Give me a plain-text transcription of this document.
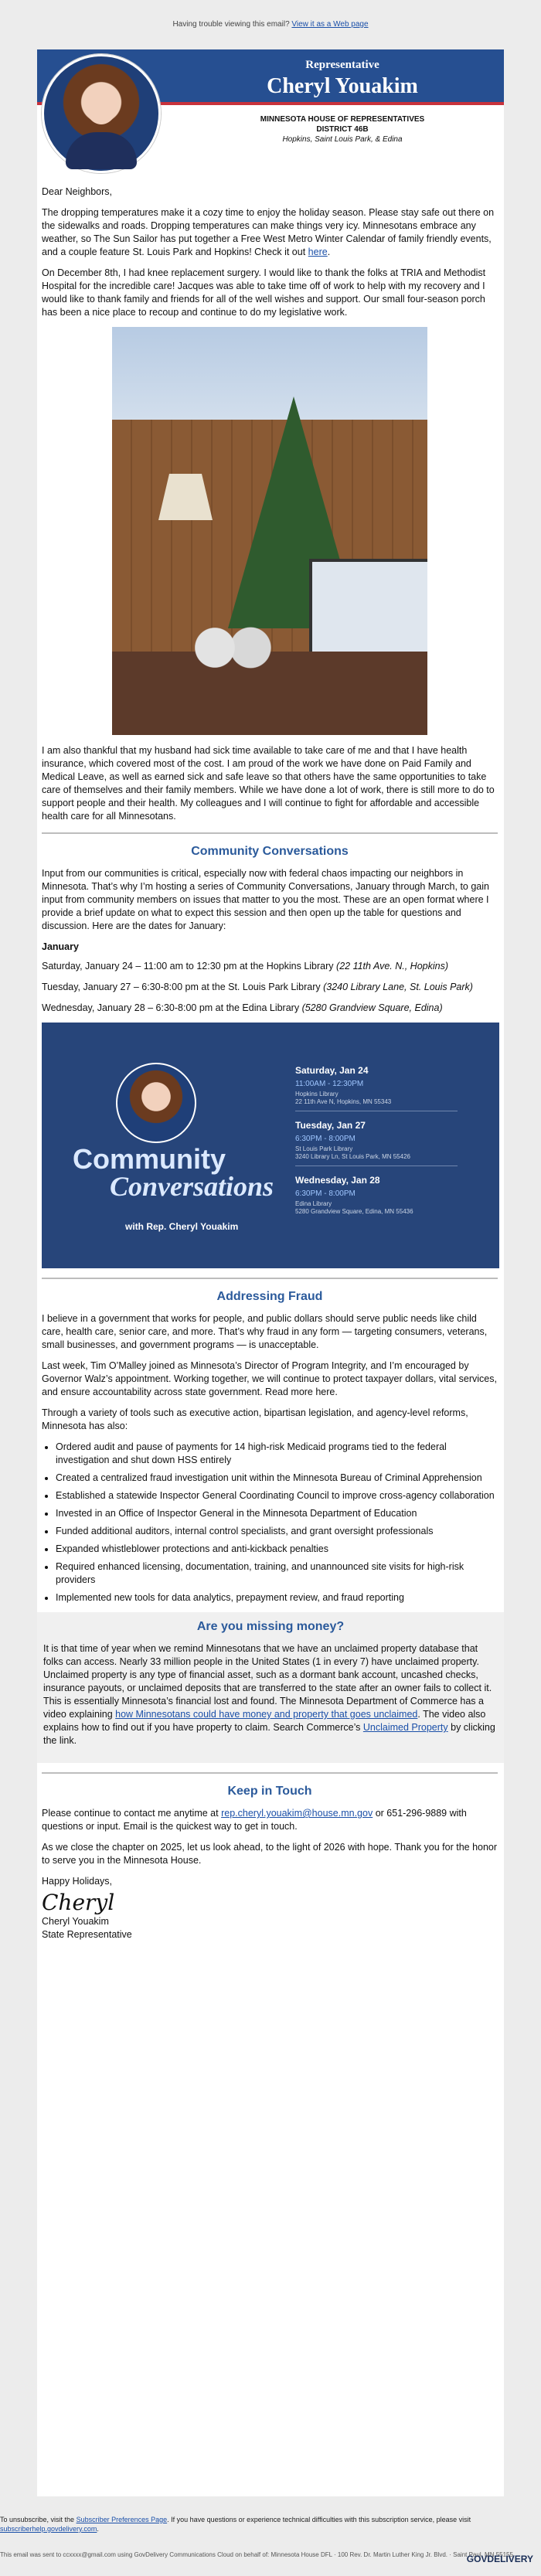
Having trouble viewing this email? View it as a Web page
Representative
Cheryl Youakim
MINNESOTA HOUSE OF REPRESENTATIVES
DISTRICT 46B
Hopkins, Saint Louis Park, & Edina

Dear Neighbors,

The dropping temperatures make it a cozy time to enjoy the holiday season. Please stay safe out there on the sidewalks and roads. Dropping temperatures can make things very icy. Minnesotans embrace any weather, so The Sun Sailor has put together a Free West Metro Winter Calendar of family friendly events, and a couple feature St. Louis Park and Hopkins! Check it out here.

On December 8th, I had knee replacement surgery. I would like to thank the folks at TRIA and Methodist Hospital for the incredible care! Jacques was able to take time off of work to help with my recovery and I would like to thank family and friends for all of the well wishes and support. Our small four-season porch has been a nice place to recoup and continue to do my legislative work.

I am also thankful that my husband had sick time available to take care of me and that I have health insurance, which covered most of the cost. I am proud of the work we have done on Paid Family and Medical Leave, as well as earned sick and safe leave so that others have the same opportunities to take care of themselves and their family members. While we have done a lot of work, there is still more to do to support people and their health. My colleagues and I will continue to fight for affordable and accessible health care for all Minnesotans.

Community Conversations

Input from our communities is critical, especially now with federal chaos impacting our neighbors in Minnesota. That’s why I’m hosting a series of Community Conversations, January through March, to gain input from community members on issues that matter to you the most. These are an open format where I provide a brief update on what to expect this session and then open up the table for questions and discussion. Here are the dates for January:

January

Saturday, January 24 – 11:00 am to 12:30 pm at the Hopkins Library (22 11th Ave. N., Hopkins)

Tuesday, January 27 – 6:30-8:00 pm at the St. Louis Park Library (3240 Library Lane, St. Louis Park)

Wednesday, January 28 – 6:30-8:00 pm at the Edina Library (5280 Grandview Square, Edina)

Community
Conversations
with Rep. Cheryl Youakim
Saturday, Jan 24
11:00AM - 12:30PM
Hopkins Library
22 11th Ave N, Hopkins, MN 55343
Tuesday, Jan 27
6:30PM - 8:00PM
St Louis Park Library
3240 Library Ln, St Louis Park, MN 55426
Wednesday, Jan 28
6:30PM - 8:00PM
Edina Library
5280 Grandview Square, Edina, MN 55436
Addressing Fraud

I believe in a government that works for people, and public dollars should serve public needs like child care, health care, senior care, and more. That’s why fraud in any form — targeting consumers, veterans, small businesses, and government programs — is unacceptable.

Last week, Tim O’Malley joined as Minnesota’s Director of Program Integrity, and I’m encouraged by Governor Walz’s appointment. Working together, we will continue to protect taxpayer dollars, vital services, and ensure accountability across state government. Read more here.

Through a variety of tools such as executive action, bipartisan legislation, and agency-level reforms, Minnesota has also:

• Ordered audit and pause of payments for 14 high-risk Medicaid programs tied to the federal investigation and shut down HSS entirely
• Created a centralized fraud investigation unit within the Minnesota Bureau of Criminal Apprehension
• Established a statewide Inspector General Coordinating Council to improve cross-agency collaboration
• Invested in an Office of Inspector General in the Minnesota Department of Education
• Funded additional auditors, internal control specialists, and grant oversight professionals
• Expanded whistleblower protections and anti-kickback penalties
• Required enhanced licensing, documentation, training, and unannounced site visits for high-risk providers
• Implemented new tools for data analytics, prepayment review, and fraud reporting
Are you missing money?

It is that time of year when we remind Minnesotans that we have an unclaimed property database that folks can access. Nearly 33 million people in the United States (1 in every 7) have unclaimed property. Unclaimed property is any type of financial asset, such as a dormant bank account, uncashed checks, insurance payouts, or unclaimed deposits that are transferred to the state after an owner fails to collect it. This is essentially Minnesota’s financial lost and found. The Minnesota Department of Commerce has a video explaining how Minnesotans could have money and property that goes unclaimed. The video also explains how to find out if you have property to claim. Search Commerce’s Unclaimed Property by clicking the link.

Keep in Touch

Please continue to contact me anytime at rep.cheryl.youakim@house.mn.gov or 651-296-9889 with questions or input. Email is the quickest way to get in touch.

As we close the chapter on 2025, let us look ahead, to the light of 2026 with hope. Thank you for the honor to serve you in the Minnesota House.

Happy Holidays,

Cheryl
Cheryl Youakim
State Representative
To unsubscribe, visit the Subscriber Preferences Page. If you have questions or experience technical difficulties with this subscription service, please visit subscriberhelp.govdelivery.com.
This email was sent to ccxxxx@gmail.com using GovDelivery Communications Cloud on behalf of: Minnesota House DFL · 100 Rev. Dr. Martin Luther King Jr. Blvd. · Saint Paul, MN 55155
GOVDELIVERY
